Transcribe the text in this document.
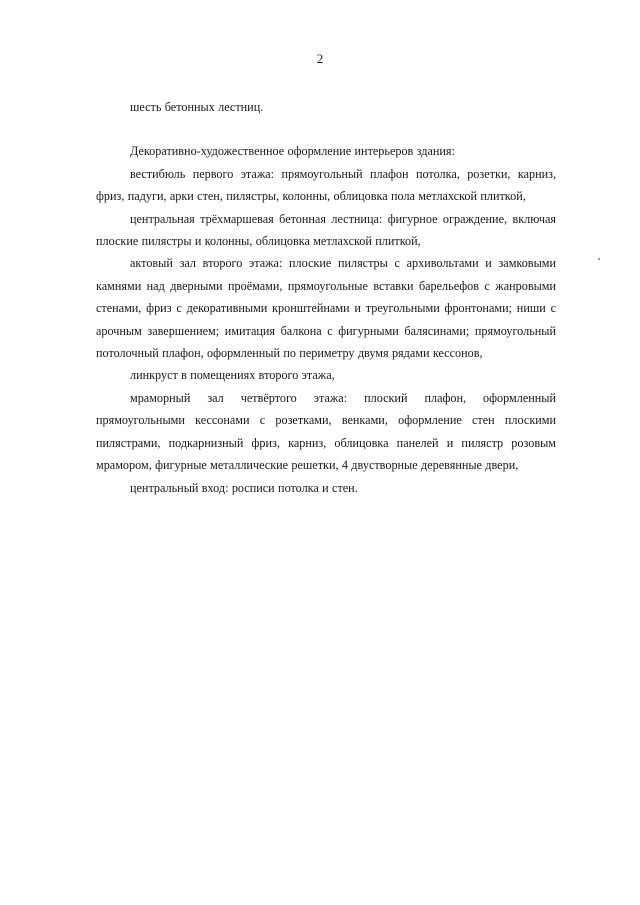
2

шесть бетонных лестниц.

Декоративно-художественное оформление интерьеров здания:

вестибюль первого этажа: прямоугольный плафон потолка, розетки, карниз, фриз, падуги, арки стен, пилястры, колонны, облицовка пола метлахской плиткой,

центральная трёхмаршевая бетонная лестница: фигурное ограждение, включая плоские пилястры и колонны, облицовка метлахской плиткой,

актовый зал второго этажа: плоские пилястры с архивольтами и замковыми камнями над дверными проёмами, прямоугольные вставки барельефов с жанровыми стенами, фриз с декоративными кронштейнами и треугольными фронтонами; ниши с арочным завершением; имитация балкона с фигурными балясинами; прямоугольный потолочный плафон, оформленный по периметру двумя рядами кессонов,

линкруст в помещениях второго этажа,

мраморный зал четвёртого этажа: плоский плафон, оформленный прямоугольными кессонами с розетками, венками, оформление стен плоскими пилястрами, подкарнизный фриз, карниз, облицовка панелей и пилястр розовым мрамором, фигурные металлические решетки, 4 двустворные деревянные двери,

центральный вход: росписи потолка и стен.
